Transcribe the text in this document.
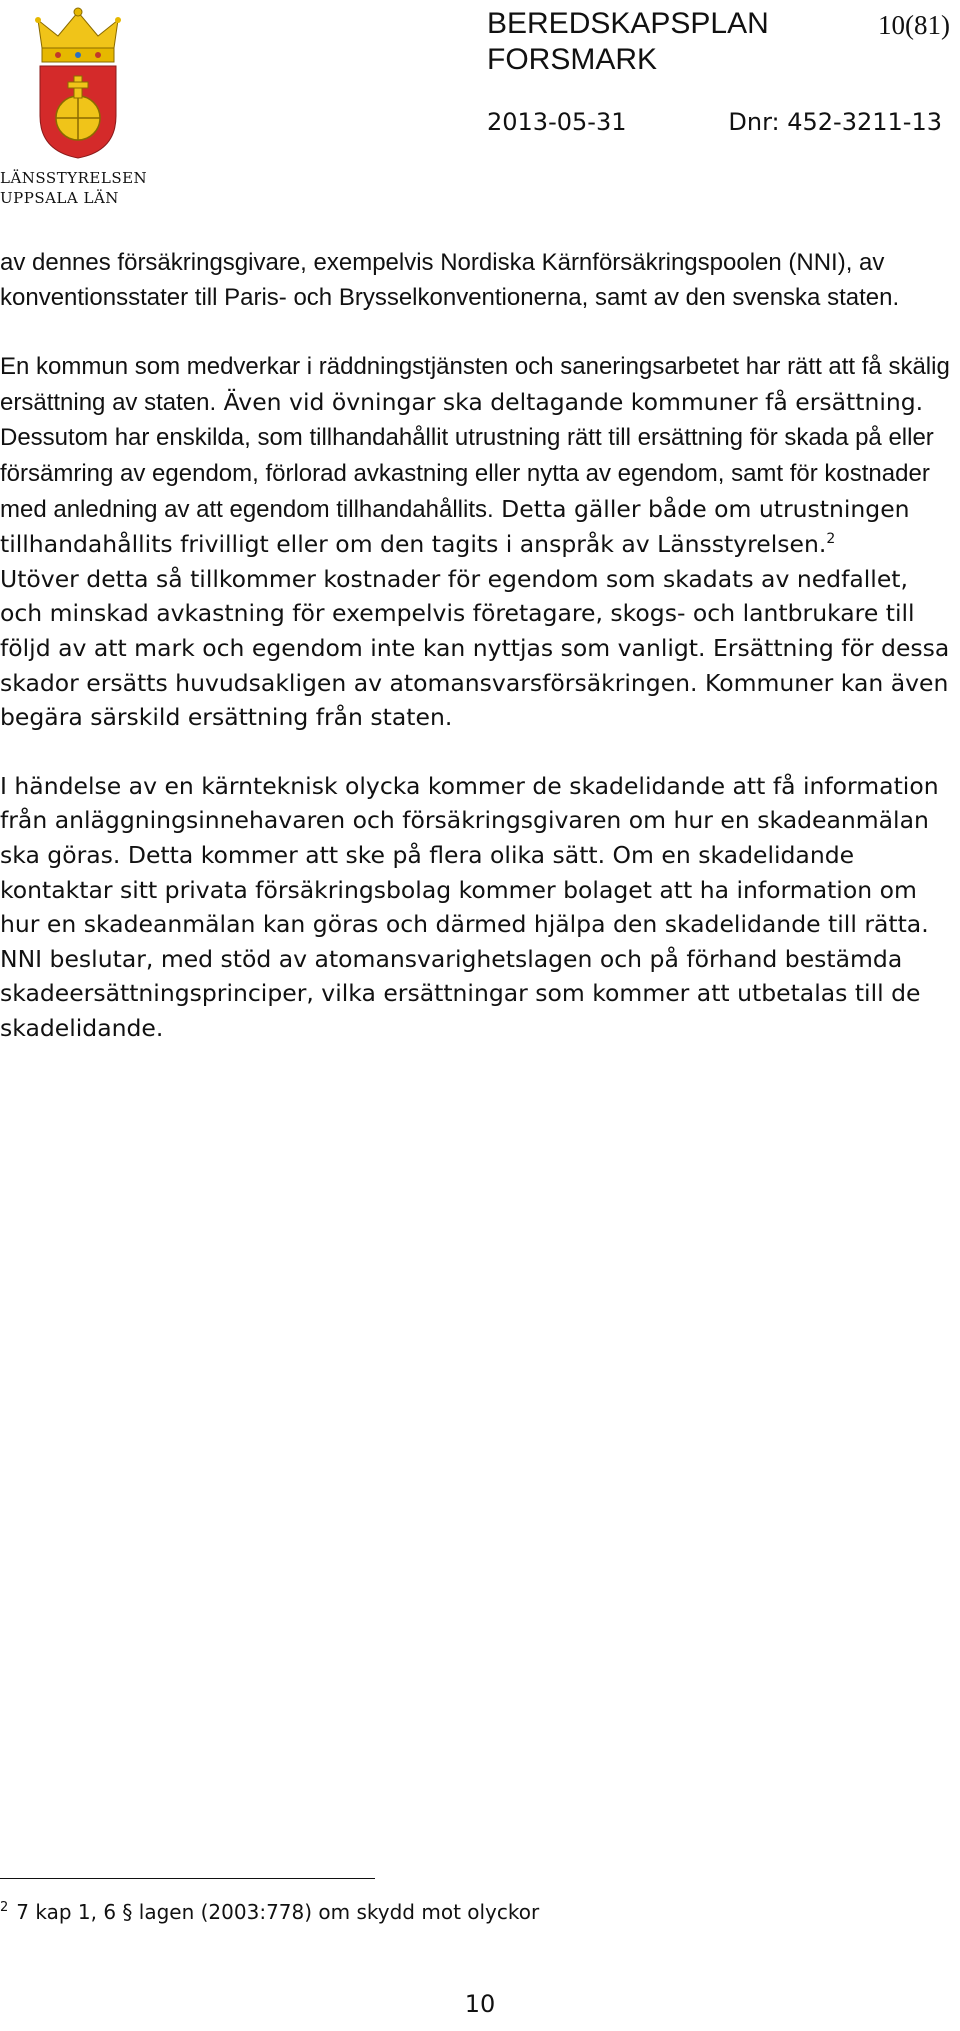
LÄNSSTYRELSEN
UPPSALA LÄN
BEREDSKAPSPLAN
FORSMARK
10(81)
2013-05-31	Dnr: 452-3211-13

av dennes försäkringsgivare, exempelvis Nordiska Kärnförsäkringspoolen (NNI), av konventionsstater till Paris- och Brysselkonventionerna, samt av den svenska staten.

En kommun som medverkar i räddningstjänsten och saneringsarbetet har rätt att få skälig ersättning av staten. Även vid övningar ska deltagande kommuner få ersättning. Dessutom har enskilda, som tillhandahållit utrustning rätt till ersättning för skada på eller försämring av egendom, förlorad avkastning eller nytta av egendom, samt för kostnader med anledning av att egendom tillhandahållits. Detta gäller både om utrustningen tillhandahållits frivilligt eller om den tagits i anspråk av Länsstyrelsen.$^2$

Utöver detta så tillkommer kostnader för egendom som skadats av nedfallet, och minskad avkastning för exempelvis företagare, skogs- och lantbrukare till följd av att mark och egendom inte kan nyttjas som vanligt. Ersättning för dessa skador ersätts huvudsakligen av atomansvarsförsäkringen. Kommuner kan även begära särskild ersättning från staten.

I händelse av en kärnteknisk olycka kommer de skadelidande att få information från anläggningsinnehavaren och försäkringsgivaren om hur en skadeanmälan ska göras. Detta kommer att ske på flera olika sätt. Om en skadelidande kontaktar sitt privata försäkringsbolag kommer bolaget att ha information om hur en skadeanmälan kan göras och därmed hjälpa den skadelidande till rätta. NNI beslutar, med stöd av atomansvarighetslagen och på förhand bestämda skadeersättningsprinciper, vilka ersättningar som kommer att utbetalas till de skadelidande.

$^2$ 7 kap 1, 6 § lagen (2003:778) om skydd mot olyckor
10
